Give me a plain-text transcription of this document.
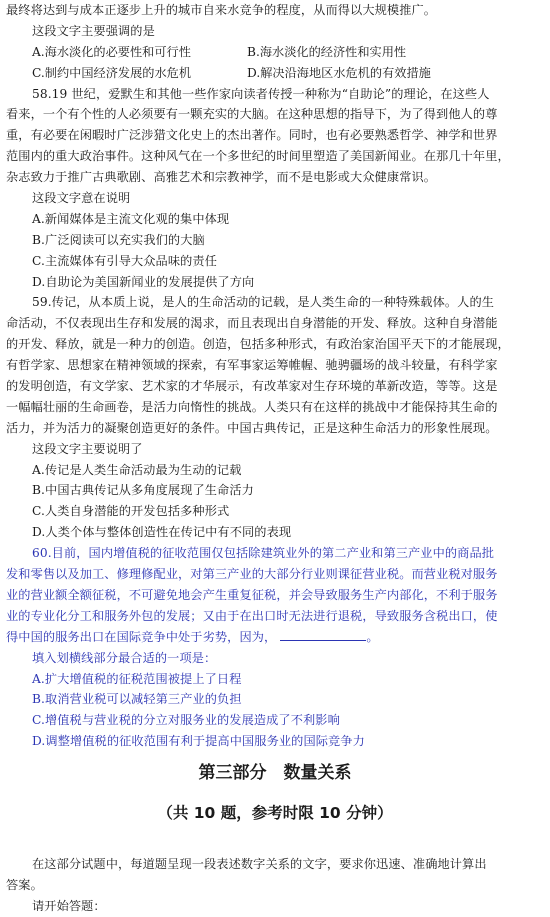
最终将达到与成本正逐步上升的城市自来水竞争的程度，从而得以大规模推广。
这段文字主要强调的是
A.海水淡化的必要性和可行性	B.海水淡化的经济性和实用性
C.制约中国经济发展的水危机	D.解决沿海地区水危机的有效措施
58.19 世纪，爱默生和其他一些作家向读者传授一种称为“自助论”的理论，在这些人
看来，一个有个性的人必须要有一颗充实的大脑。在这种思想的指导下，为了得到他人的尊
重，有必要在闲暇时广泛涉猎文化史上的杰出著作。同时，也有必要熟悉哲学、神学和世界
范围内的重大政治事件。这种风气在一个多世纪的时间里塑造了美国新闻业。在那几十年里，
杂志致力于推广古典歌剧、高雅艺术和宗教神学，而不是电影或大众健康常识。
这段文字意在说明
A.新闻媒体是主流文化观的集中体现
B.广泛阅读可以充实我们的大脑
C.主流媒体有引导大众品味的责任
D.自助论为美国新闻业的发展提供了方向
59.传记，从本质上说，是人的生命活动的记载，是人类生命的一种特殊载体。人的生
命活动，不仅表现出生存和发展的渴求，而且表现出自身潜能的开发、释放。这种自身潜能
的开发、释放，就是一种力的创造。创造，包括多种形式，有政治家治国平天下的才能展现，
有哲学家、思想家在精神领域的探索，有军事家运筹帷幄、驰骋疆场的战斗较量，有科学家
的发明创造，有文学家、艺术家的才华展示，有改革家对生存环境的革新改造，等等。这是
一幅幅壮丽的生命画卷，是活力向惰性的挑战。人类只有在这样的挑战中才能保持其生命的
活力，并为活力的凝聚创造更好的条件。中国古典传记，正是这种生命活力的形象性展现。
这段文字主要说明了
A.传记是人类生命活动最为生动的记载
B.中国古典传记从多角度展现了生命活力
C.人类自身潜能的开发包括多种形式
D.人类个体与整体创造性在传记中有不同的表现
60.目前，国内增值税的征收范围仅包括除建筑业外的第二产业和第三产业中的商品批
发和零售以及加工、修理修配业，对第三产业的大部分行业则课征营业税。而营业税对服务
业的营业额全额征税，不可避免地会产生重复征税，并会导致服务生产内部化，不利于服务
业的专业化分工和服务外包的发展；又由于在出口时无法进行退税，导致服务含税出口，使
得中国的服务出口在国际竞争中处于劣势，因为，	。
填入划横线部分最合适的一项是：
A.扩大增值税的征税范围被提上了日程
B.取消营业税可以减轻第三产业的负担
C.增值税与营业税的分立对服务业的发展造成了不利影响
D.调整增值税的征收范围有利于提高中国服务业的国际竞争力
第三部分　数量关系
（共 10 题，参考时限 10 分钟）
在这部分试题中，每道题呈现一段表述数字关系的文字，要求你迅速、准确地计算出
答案。
请开始答题：
